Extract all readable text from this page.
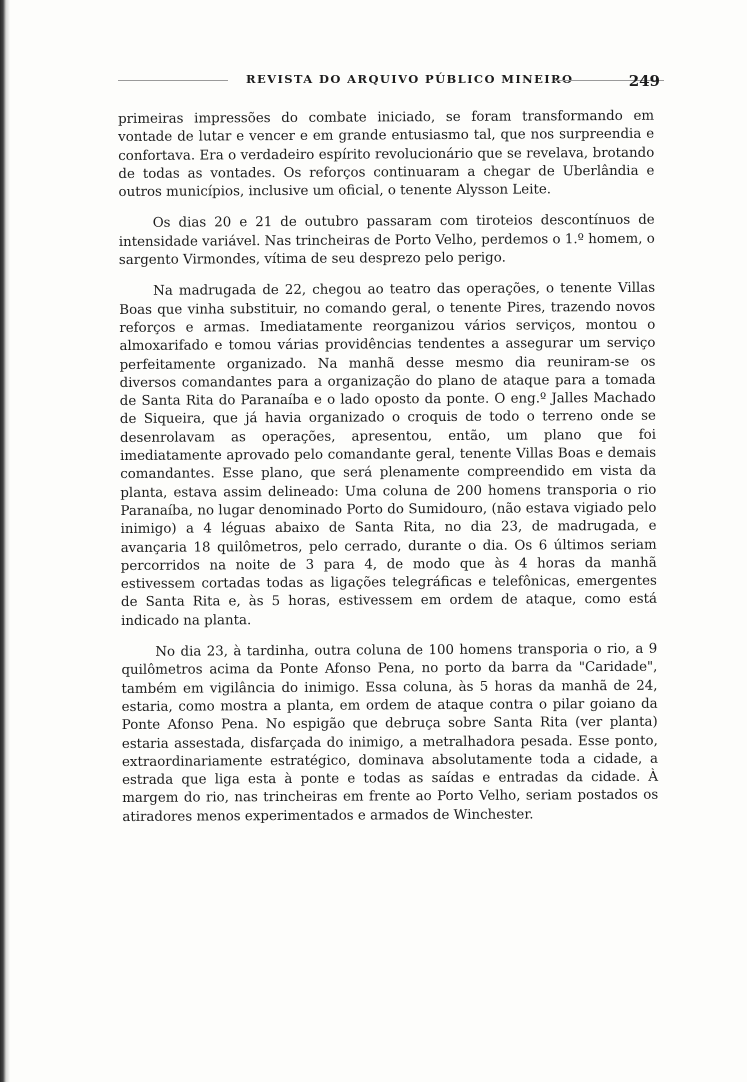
REVISTA DO ARQUIVO PÚBLICO MINEIRO	249

primeiras impressões do combate iniciado, se foram transformando em vontade de lutar e vencer e em grande entusiasmo tal, que nos surpreendia e confortava. Era o verdadeiro espírito revolucionário que se revelava, brotando de todas as vontades. Os reforços continuaram a chegar de Uberlândia e outros municípios, inclusive um oficial, o tenente Alysson Leite.

Os dias 20 e 21 de outubro passaram com tiroteios descontínuos de intensidade variável. Nas trincheiras de Porto Velho, perdemos o 1.º homem, o sargento Virmondes, vítima de seu desprezo pelo perigo.

Na madrugada de 22, chegou ao teatro das operações, o tenente Villas Boas que vinha substituir, no comando geral, o tenente Pires, trazendo novos reforços e armas. Imediatamente reorganizou vários serviços, montou o almoxarifado e tomou várias providências tendentes a assegurar um serviço perfeitamente organizado. Na manhã desse mesmo dia reuniram-se os diversos comandantes para a organização do plano de ataque para a tomada de Santa Rita do Paranaíba e o lado oposto da ponte. O eng.º Jalles Machado de Siqueira, que já havia organizado o croquis de todo o terreno onde se desenrolavam as operações, apresentou, então, um plano que foi imediatamente aprovado pelo comandante geral, tenente Villas Boas e demais comandantes. Esse plano, que será plenamente compreendido em vista da planta, estava assim delineado: Uma coluna de 200 homens transporia o rio Paranaíba, no lugar denominado Porto do Sumidouro, (não estava vigiado pelo inimigo) a 4 léguas abaixo de Santa Rita, no dia 23, de madrugada, e avançaria 18 quilômetros, pelo cerrado, durante o dia. Os 6 últimos seriam percorridos na noite de 3 para 4, de modo que às 4 horas da manhã estivessem cortadas todas as ligações telegráficas e telefônicas, emergentes de Santa Rita e, às 5 horas, estivessem em ordem de ataque, como está indicado na planta.

No dia 23, à tardinha, outra coluna de 100 homens transporia o rio, a 9 quilômetros acima da Ponte Afonso Pena, no porto da barra da "Caridade", também em vigilância do inimigo. Essa coluna, às 5 horas da manhã de 24, estaria, como mostra a planta, em ordem de ataque contra o pilar goiano da Ponte Afonso Pena. No espigão que debruça sobre Santa Rita (ver planta) estaria assestada, disfarçada do inimigo, a metralhadora pesada. Esse ponto, extraordinariamente estratégico, dominava absolutamente toda a cidade, a estrada que liga esta à ponte e todas as saídas e entradas da cidade. À margem do rio, nas trincheiras em frente ao Porto Velho, seriam postados os atiradores menos experimentados e armados de Winchester.
